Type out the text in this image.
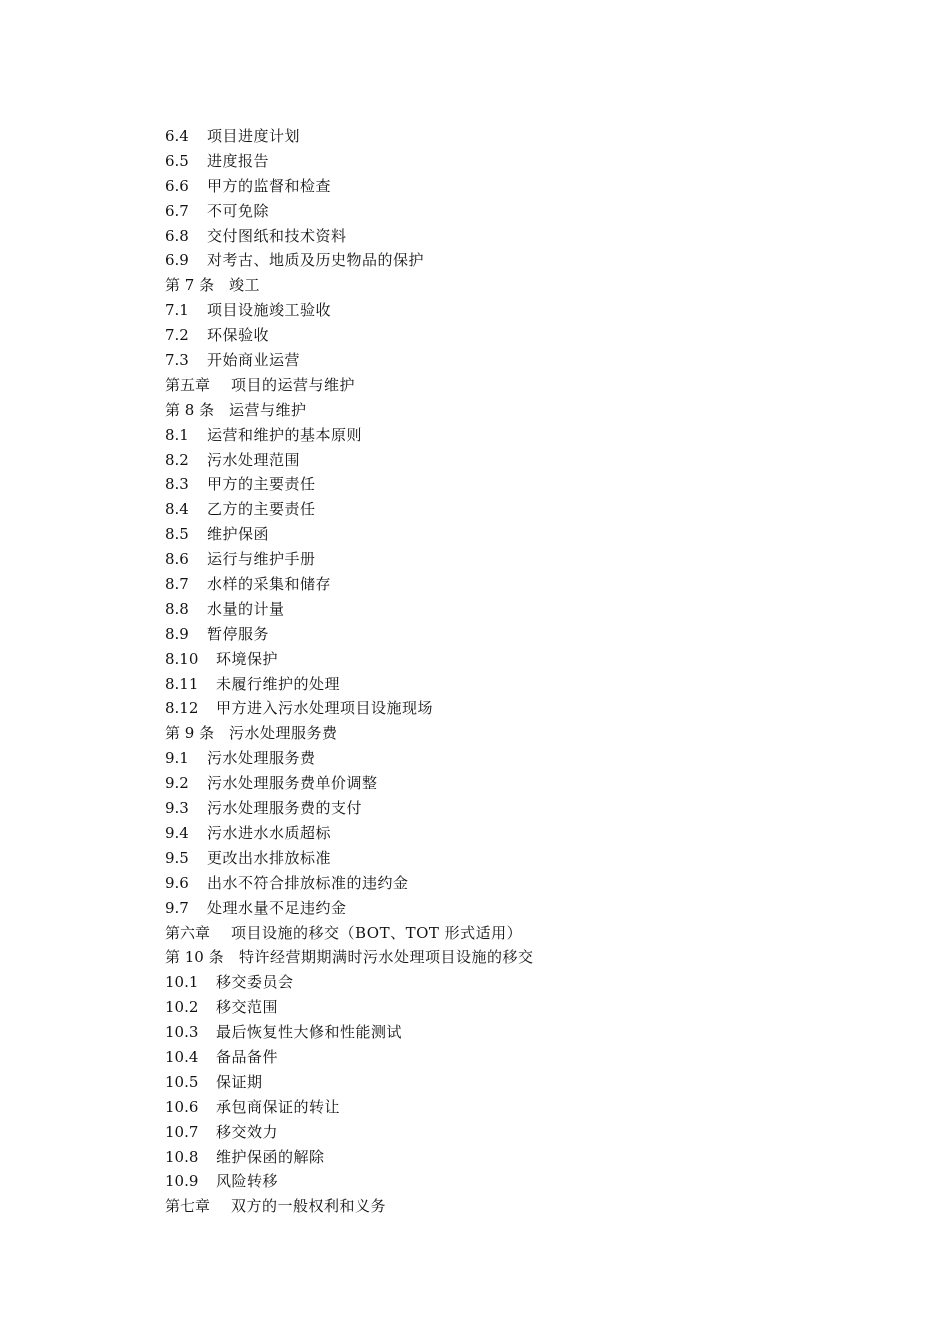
6.4	项目进度计划
6.5	进度报告
6.6	甲方的监督和检查
6.7	不可免除
6.8	交付图纸和技术资料
6.9	对考古、地质及历史物品的保护
第 7 条 竣工
7.1	项目设施竣工验收
7.2	环保验收
7.3	开始商业运营
第五章	项目的运营与维护
第 8 条 运营与维护
8.1	运营和维护的基本原则
8.2	污水处理范围
8.3	甲方的主要责任
8.4	乙方的主要责任
8.5	维护保函
8.6	运行与维护手册
8.7	水样的采集和储存
8.8	水量的计量
8.9	暂停服务
8.10	环境保护
8.11	未履行维护的处理
8.12	甲方进入污水处理项目设施现场
第 9 条 污水处理服务费
9.1	污水处理服务费
9.2	污水处理服务费单价调整
9.3	污水处理服务费的支付
9.4	污水进水水质超标
9.5	更改出水排放标准
9.6	出水不符合排放标准的违约金
9.7	处理水量不足违约金
第六章	项目设施的移交（BOT、TOT 形式适用）
第 10 条	特许经营期期满时污水处理项目设施的移交
10.1	移交委员会
10.2	移交范围
10.3	最后恢复性大修和性能测试
10.4	备品备件
10.5	保证期
10.6	承包商保证的转让
10.7	移交效力
10.8	维护保函的解除
10.9	风险转移
第七章	双方的一般权利和义务
